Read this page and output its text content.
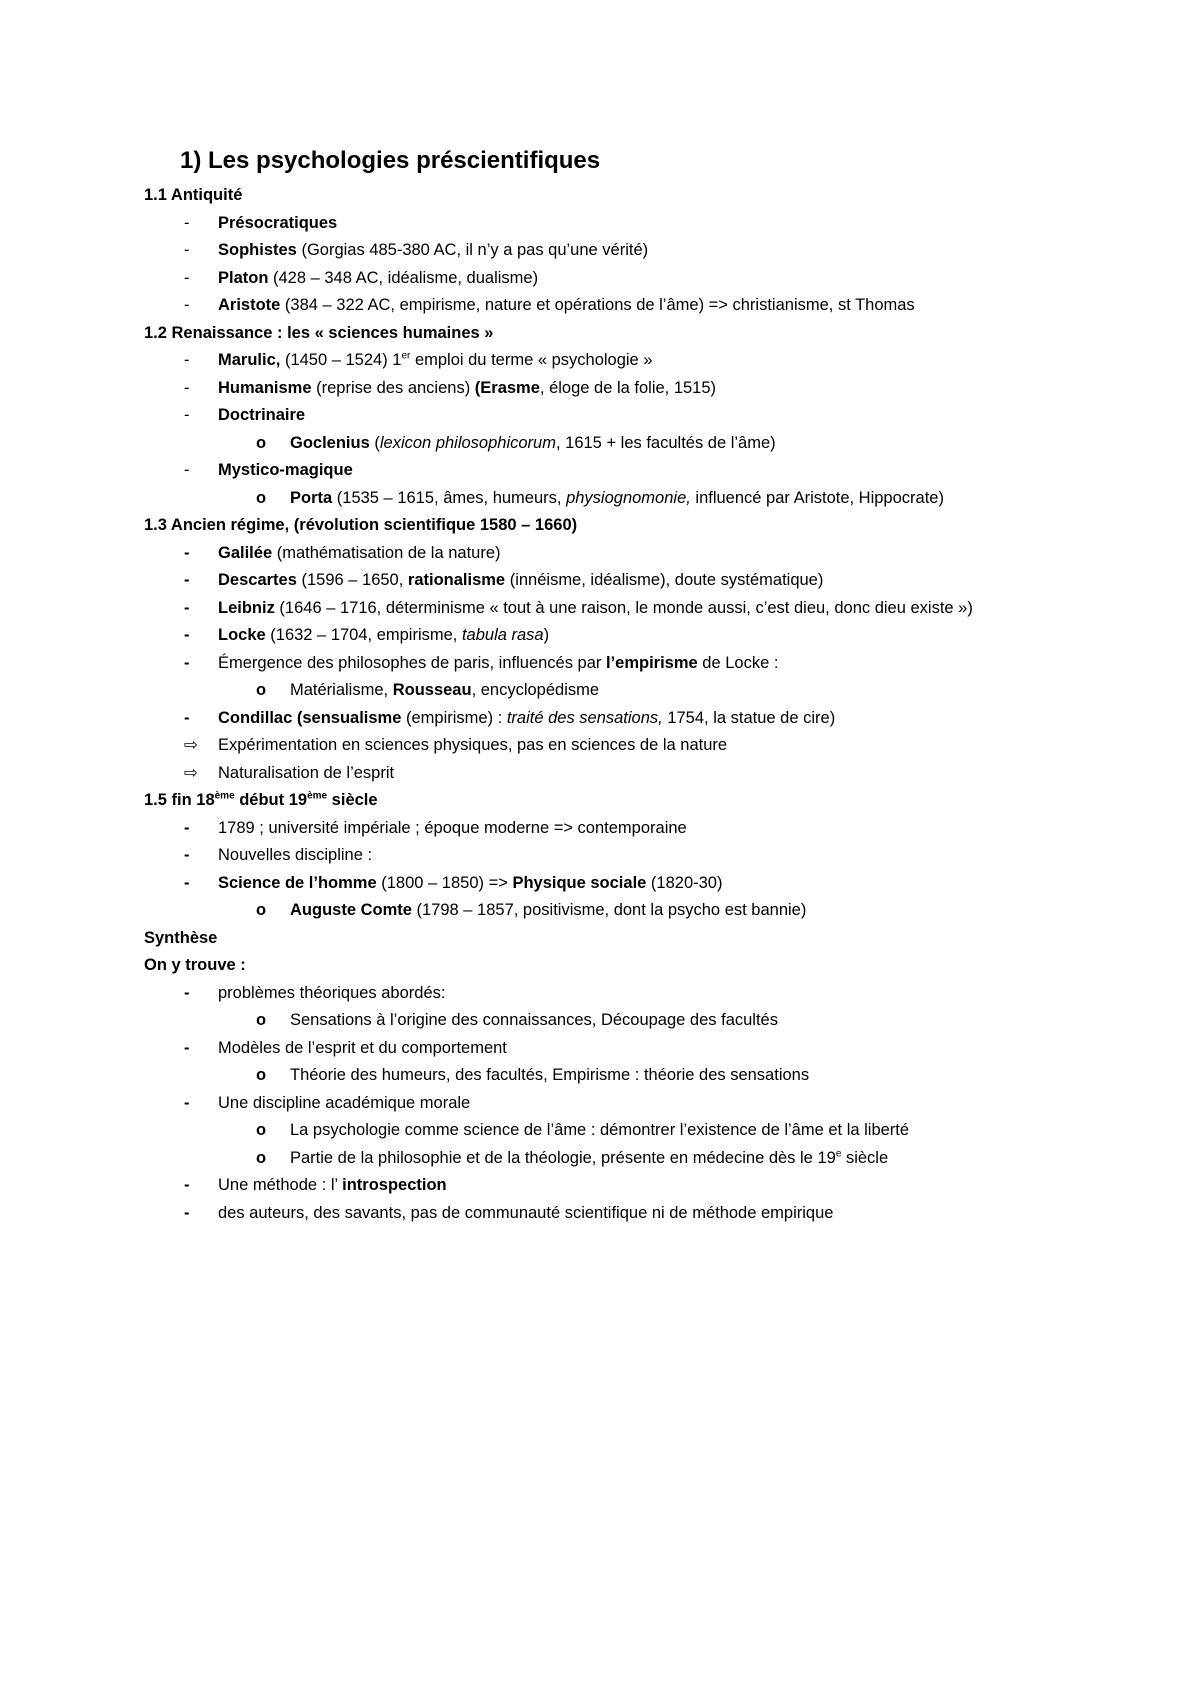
1) Les psychologies préscientifiques
1.1 Antiquité
- Présocratiques
- Sophistes (Gorgias 485-380 AC, il n’y a pas qu’une vérité)
- Platon (428 – 348 AC, idéalisme, dualisme)
- Aristote (384 – 322 AC, empirisme, nature et opérations de l’âme) => christianisme, st Thomas
1.2 Renaissance : les « sciences humaines »
- Marulic, (1450 – 1524) 1er emploi du terme « psychologie »
- Humanisme (reprise des anciens) (Erasme, éloge de la folie, 1515)
- Doctrinaire
o Goclenius (lexicon philosophicorum, 1615 + les facultés de l’âme)
- Mystico-magique
o Porta (1535 – 1615, âmes, humeurs, physiognomonie, influencé par Aristote, Hippocrate)
1.3 Ancien régime, (révolution scientifique 1580 – 1660)
- Galilée (mathématisation de la nature)
- Descartes (1596 – 1650, rationalisme (innéisme, idéalisme), doute systématique)
- Leibniz (1646 – 1716, déterminisme « tout à une raison, le monde aussi, c’est dieu, donc dieu existe »)
- Locke (1632 – 1704, empirisme, tabula rasa)
- Émergence des philosophes de paris, influencés par l’empirisme de Locke :
o Matérialisme, Rousseau, encyclopédisme
- Condillac (sensualisme (empirisme) : traité des sensations, 1754, la statue de cire)
⇨ Expérimentation en sciences physiques, pas en sciences de la nature
⇨ Naturalisation de l’esprit
1.5 fin 18ème début 19ème siècle
- 1789 ; université impériale ; époque moderne => contemporaine
- Nouvelles discipline :
- Science de l’homme (1800 – 1850) => Physique sociale (1820-30)
o Auguste Comte (1798 – 1857, positivisme, dont la psycho est bannie)
Synthèse
On y trouve :
- problèmes théoriques abordés:
o Sensations à l’origine des connaissances, Découpage des facultés
- Modèles de l’esprit et du comportement
o Théorie des humeurs, des facultés, Empirisme : théorie des sensations
- Une discipline académique morale
o La psychologie comme science de l’âme : démontrer l’existence de l’âme et la liberté
o Partie de la philosophie et de la théologie, présente en médecine dès le 19e siècle
- Une méthode : l’ introspection
- des auteurs, des savants, pas de communauté scientifique ni de méthode empirique
